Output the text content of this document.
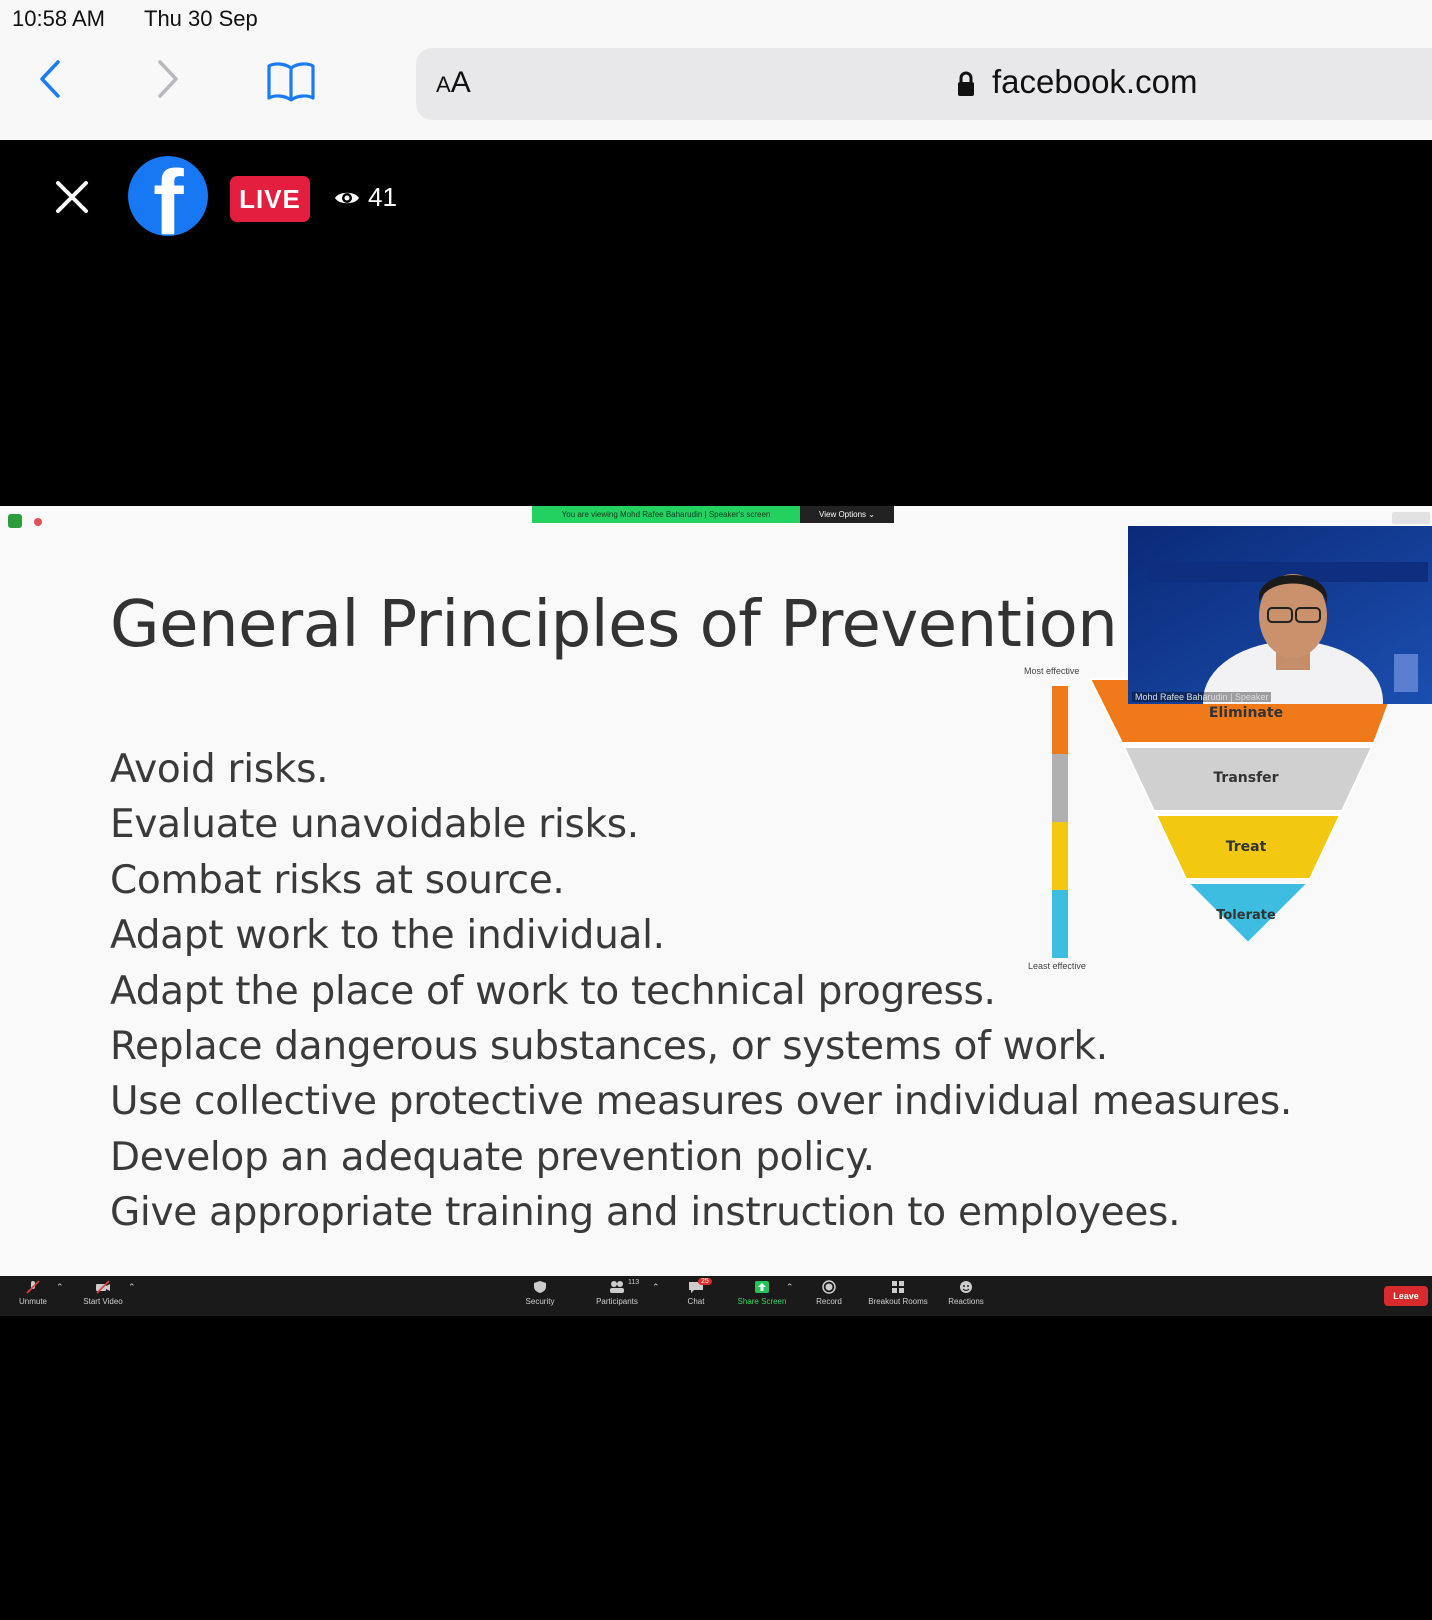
10:58 AM Thu 30 Sep
AA	facebook.com
f	LIVE	41
You are viewing Mohd Rafee Baharudin | Speaker's screen	View Options ⌄
General Principles of Prevention
Avoid risks.
Evaluate unavoidable risks.
Combat risks at source.
Adapt work to the individual.
Adapt the place of work to technical progress.
Replace dangerous substances, or systems of work.
Use collective protective measures over individual measures.
Develop an adequate prevention policy.
Give appropriate training and instruction to employees.
Most effective
Least effective
Eliminate
Transfer
Treat
Tolerate
Mohd Rafee Baharudin | Speaker
Unmute
⌃
Start Video
⌃
Security	Participants
113 ⌃
Chat
25
Share Screen
⌃
Record	Breakout Rooms	Reactions
Leave
